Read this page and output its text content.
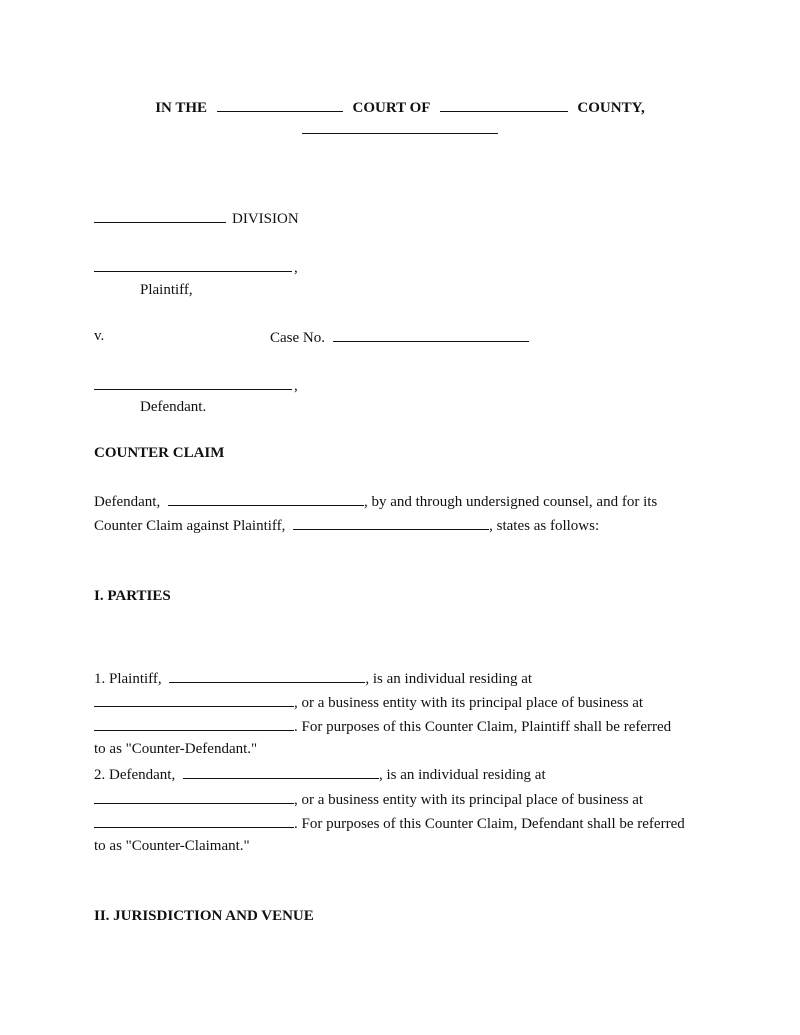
IN THE	COURT OF	COUNTY,
DIVISION
,
Plaintiff,
v.	Case No.
,
Defendant.
COUNTER CLAIM
Defendant,	, by and through undersigned counsel, and for its
Counter Claim against Plaintiff,	, states as follows:
I. PARTIES
1. Plaintiff,	, is an individual residing at
, or a business entity with its principal place of business at
. For purposes of this Counter Claim, Plaintiff shall be referred
to as "Counter-Defendant."
2. Defendant,	, is an individual residing at
, or a business entity with its principal place of business at
. For purposes of this Counter Claim, Defendant shall be referred
to as "Counter-Claimant."
II. JURISDICTION AND VENUE
